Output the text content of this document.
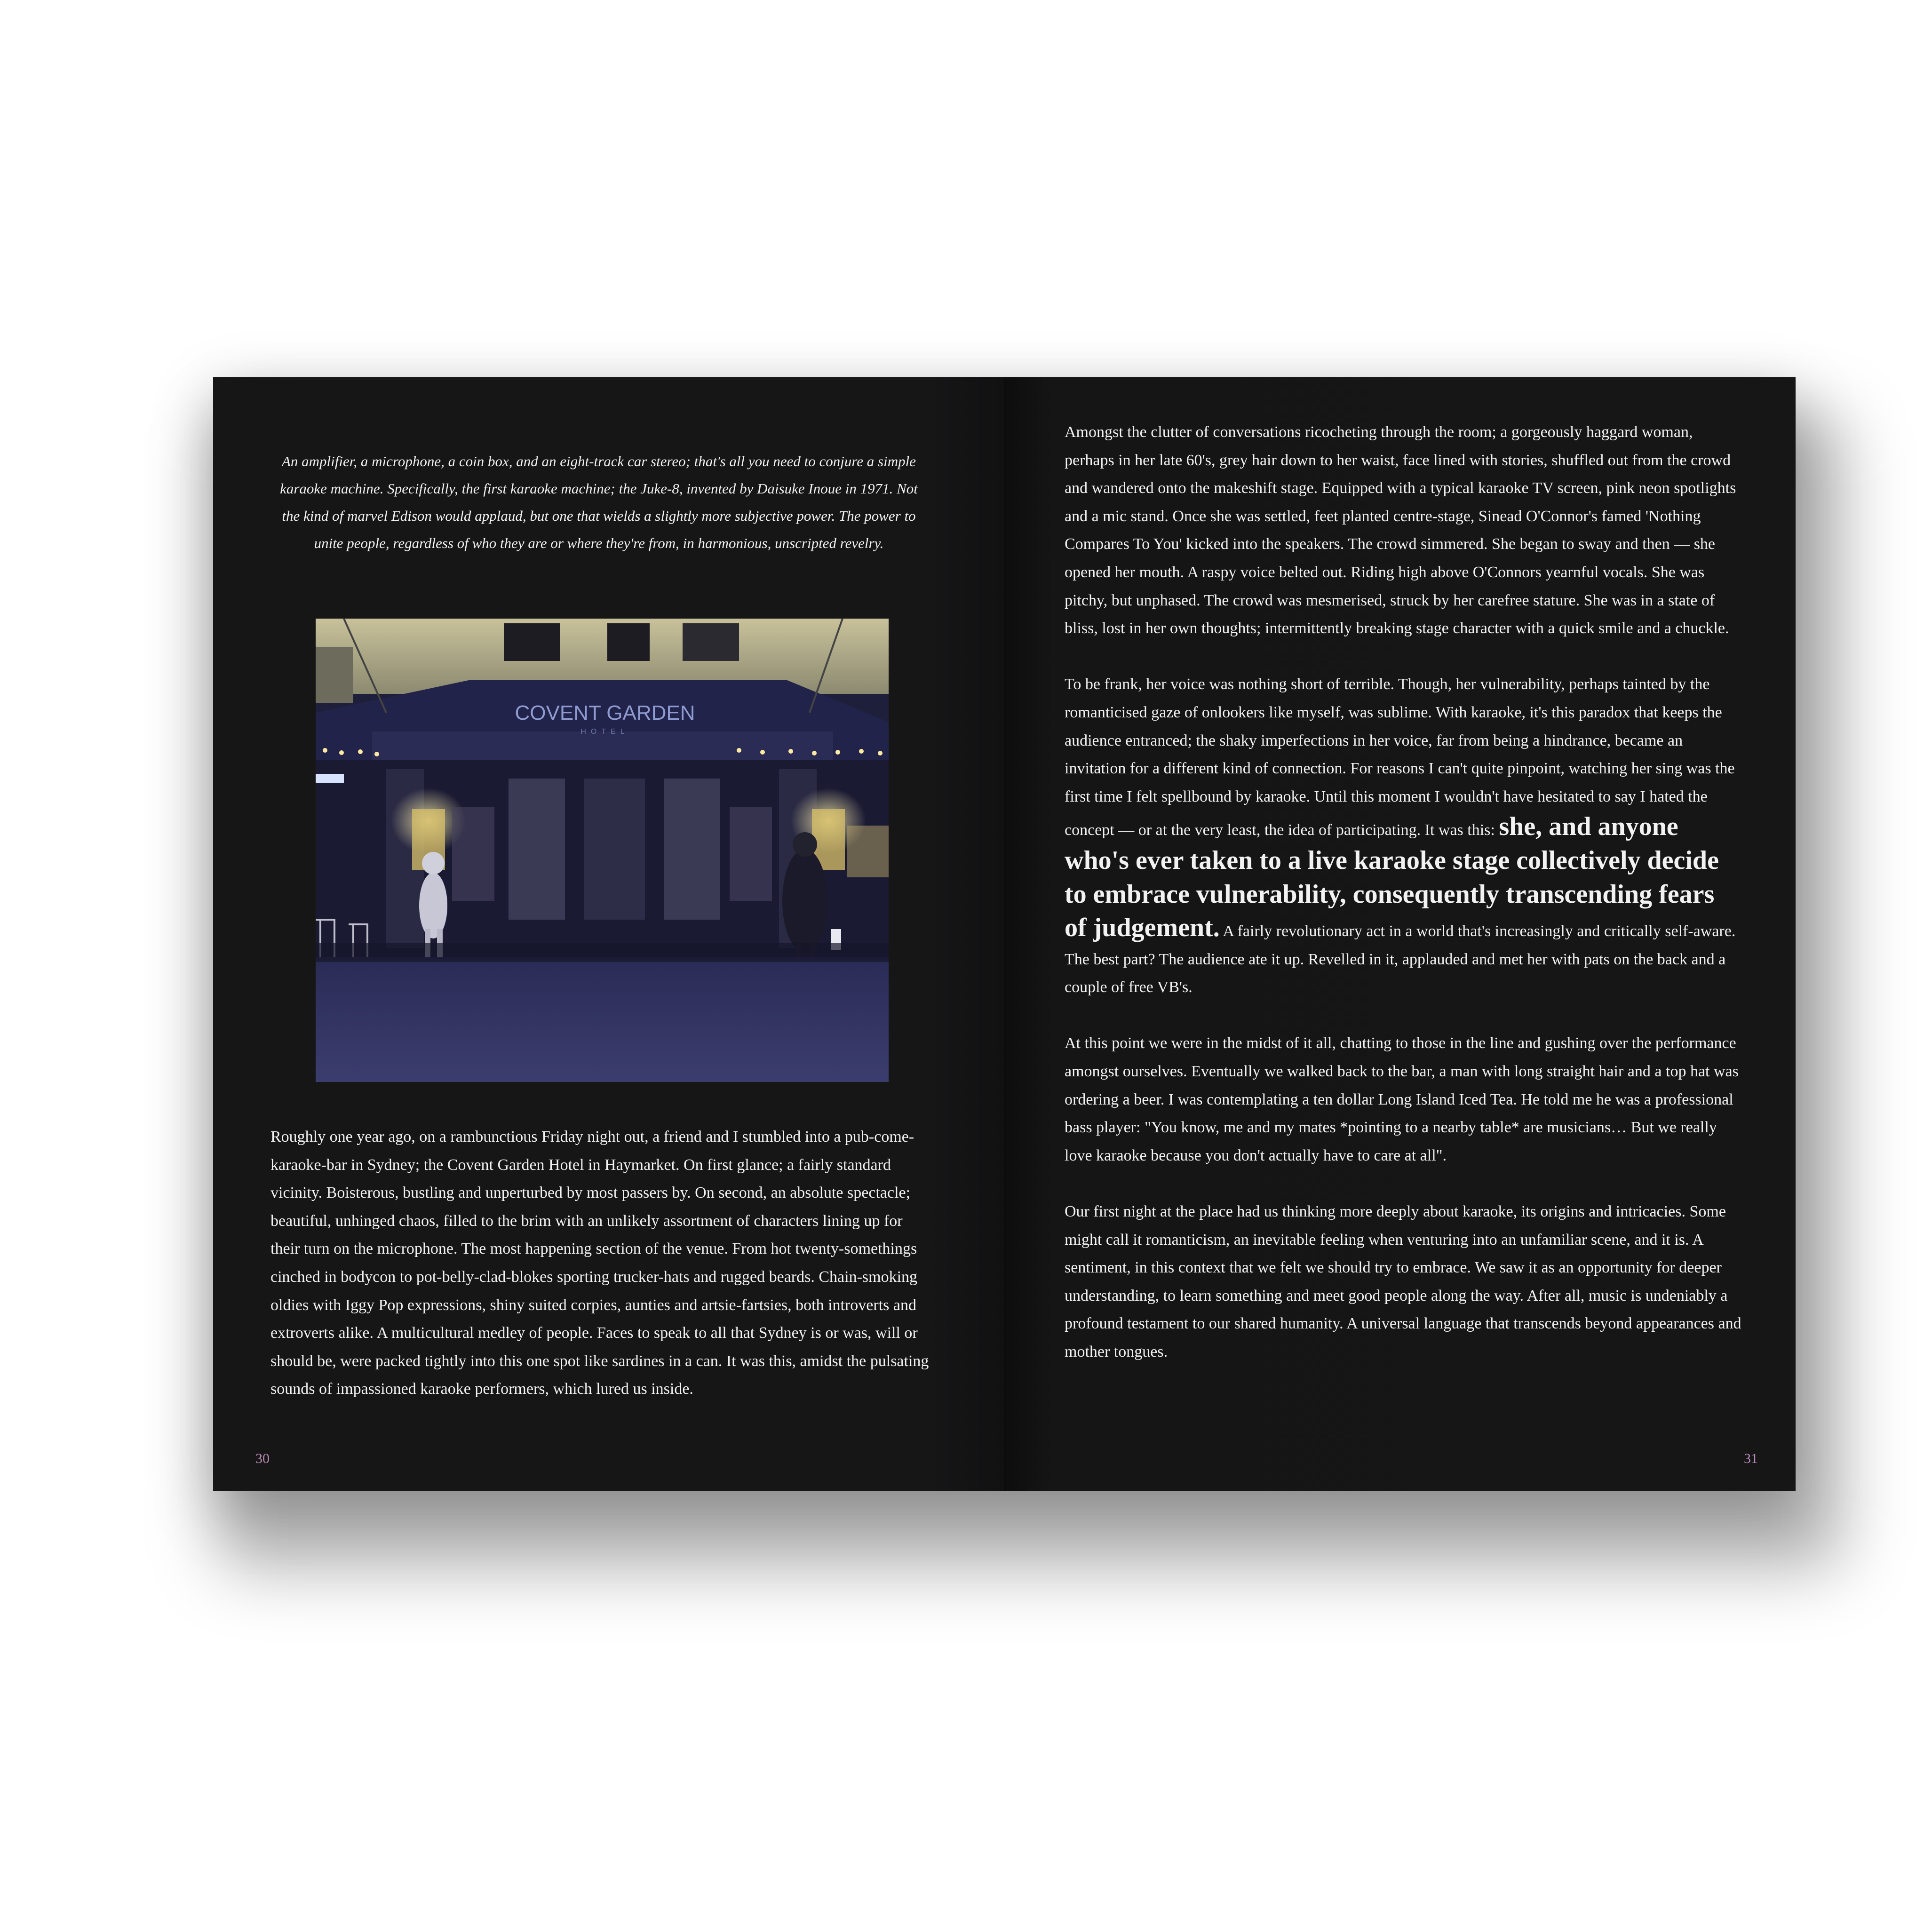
An amplifier, a microphone, a coin box, and an eight-track car stereo; that's all you need to conjure a simple karaoke machine. Specifically, the first karaoke machine; the Juke-8, invented by Daisuke Inoue in 1971. Not the kind of marvel Edison would applaud, but one that wields a slightly more subjective power. The power to unite people, regardless of who they are or where they're from, in harmonious, unscripted revelry.
COVENT GARDEN
HOTEL

Roughly one year ago, on a rambunctious Friday night out, a friend and I stumbled into a pub-come-karaoke-bar in Sydney; the Covent Garden Hotel in Haymarket. On first glance; a fairly standard vicinity. Boisterous, bustling and unperturbed by most passers by. On second, an absolute spectacle; beautiful, unhinged chaos, filled to the brim with an unlikely assortment of characters lining up for their turn on the microphone. The most happening section of the venue. From hot twenty-somethings cinched in bodycon to pot-belly-clad-blokes sporting trucker-hats and rugged beards. Chain-smoking oldies with Iggy Pop expressions, shiny suited corpies, aunties and artsie-fartsies, both introverts and extroverts alike. A multicultural medley of people. Faces to speak to all that Sydney is or was, will or should be, were packed tightly into this one spot like sardines in a can. It was this, amidst the pulsating sounds of impassioned karaoke performers, which lured us inside.

30

Amongst the clutter of conversations ricocheting through the room; a gorgeously haggard woman, perhaps in her late 60's, grey hair down to her waist, face lined with stories, shuffled out from the crowd and wandered onto the makeshift stage. Equipped with a typical karaoke TV screen, pink neon spotlights and a mic stand. Once she was settled, feet planted centre-stage, Sinead O'Connor's famed 'Nothing Compares To You' kicked into the speakers. The crowd simmered. She began to sway and then — she opened her mouth. A raspy voice belted out. Riding high above O'Connors yearnful vocals. She was pitchy, but unphased. The crowd was mesmerised, struck by her carefree stature. She was in a state of bliss, lost in her own thoughts; intermittently breaking stage character with a quick smile and a chuckle.

To be frank, her voice was nothing short of terrible. Though, her vulnerability, perhaps tainted by the romanticised gaze of onlookers like myself, was sublime. With karaoke, it's this paradox that keeps the audience entranced; the shaky imperfections in her voice, far from being a hindrance, became an invitation for a different kind of connection. For reasons I can't quite pinpoint, watching her sing was the first time I felt spellbound by karaoke. Until this moment I wouldn't have hesitated to say I hated the concept — or at the very least, the idea of participating. It was this: she, and anyone who's ever taken to a live karaoke stage collectively decide to embrace vulnerability, consequently transcending fears of judgement. A fairly revolutionary act in a world that's increasingly and critically self-aware. The best part? The audience ate it up. Revelled in it, applauded and met her with pats on the back and a couple of free VB's.

At this point we were in the midst of it all, chatting to those in the line and gushing over the performance amongst ourselves. Eventually we walked back to the bar, a man with long straight hair and a top hat was ordering a beer. I was contemplating a ten dollar Long Island Iced Tea. He told me he was a professional bass player: "You know, me and my mates *pointing to a nearby table* are musicians… But we really love karaoke because you don't actually have to care at all".

Our first night at the place had us thinking more deeply about karaoke, its origins and intricacies. Some might call it romanticism, an inevitable feeling when venturing into an unfamiliar scene, and it is. A sentiment, in this context that we felt we should try to embrace. We saw it as an opportunity for deeper understanding, to learn something and meet good people along the way. After all, music is undeniably a profound testament to our shared humanity. A universal language that transcends beyond appearances and mother tongues.

31
